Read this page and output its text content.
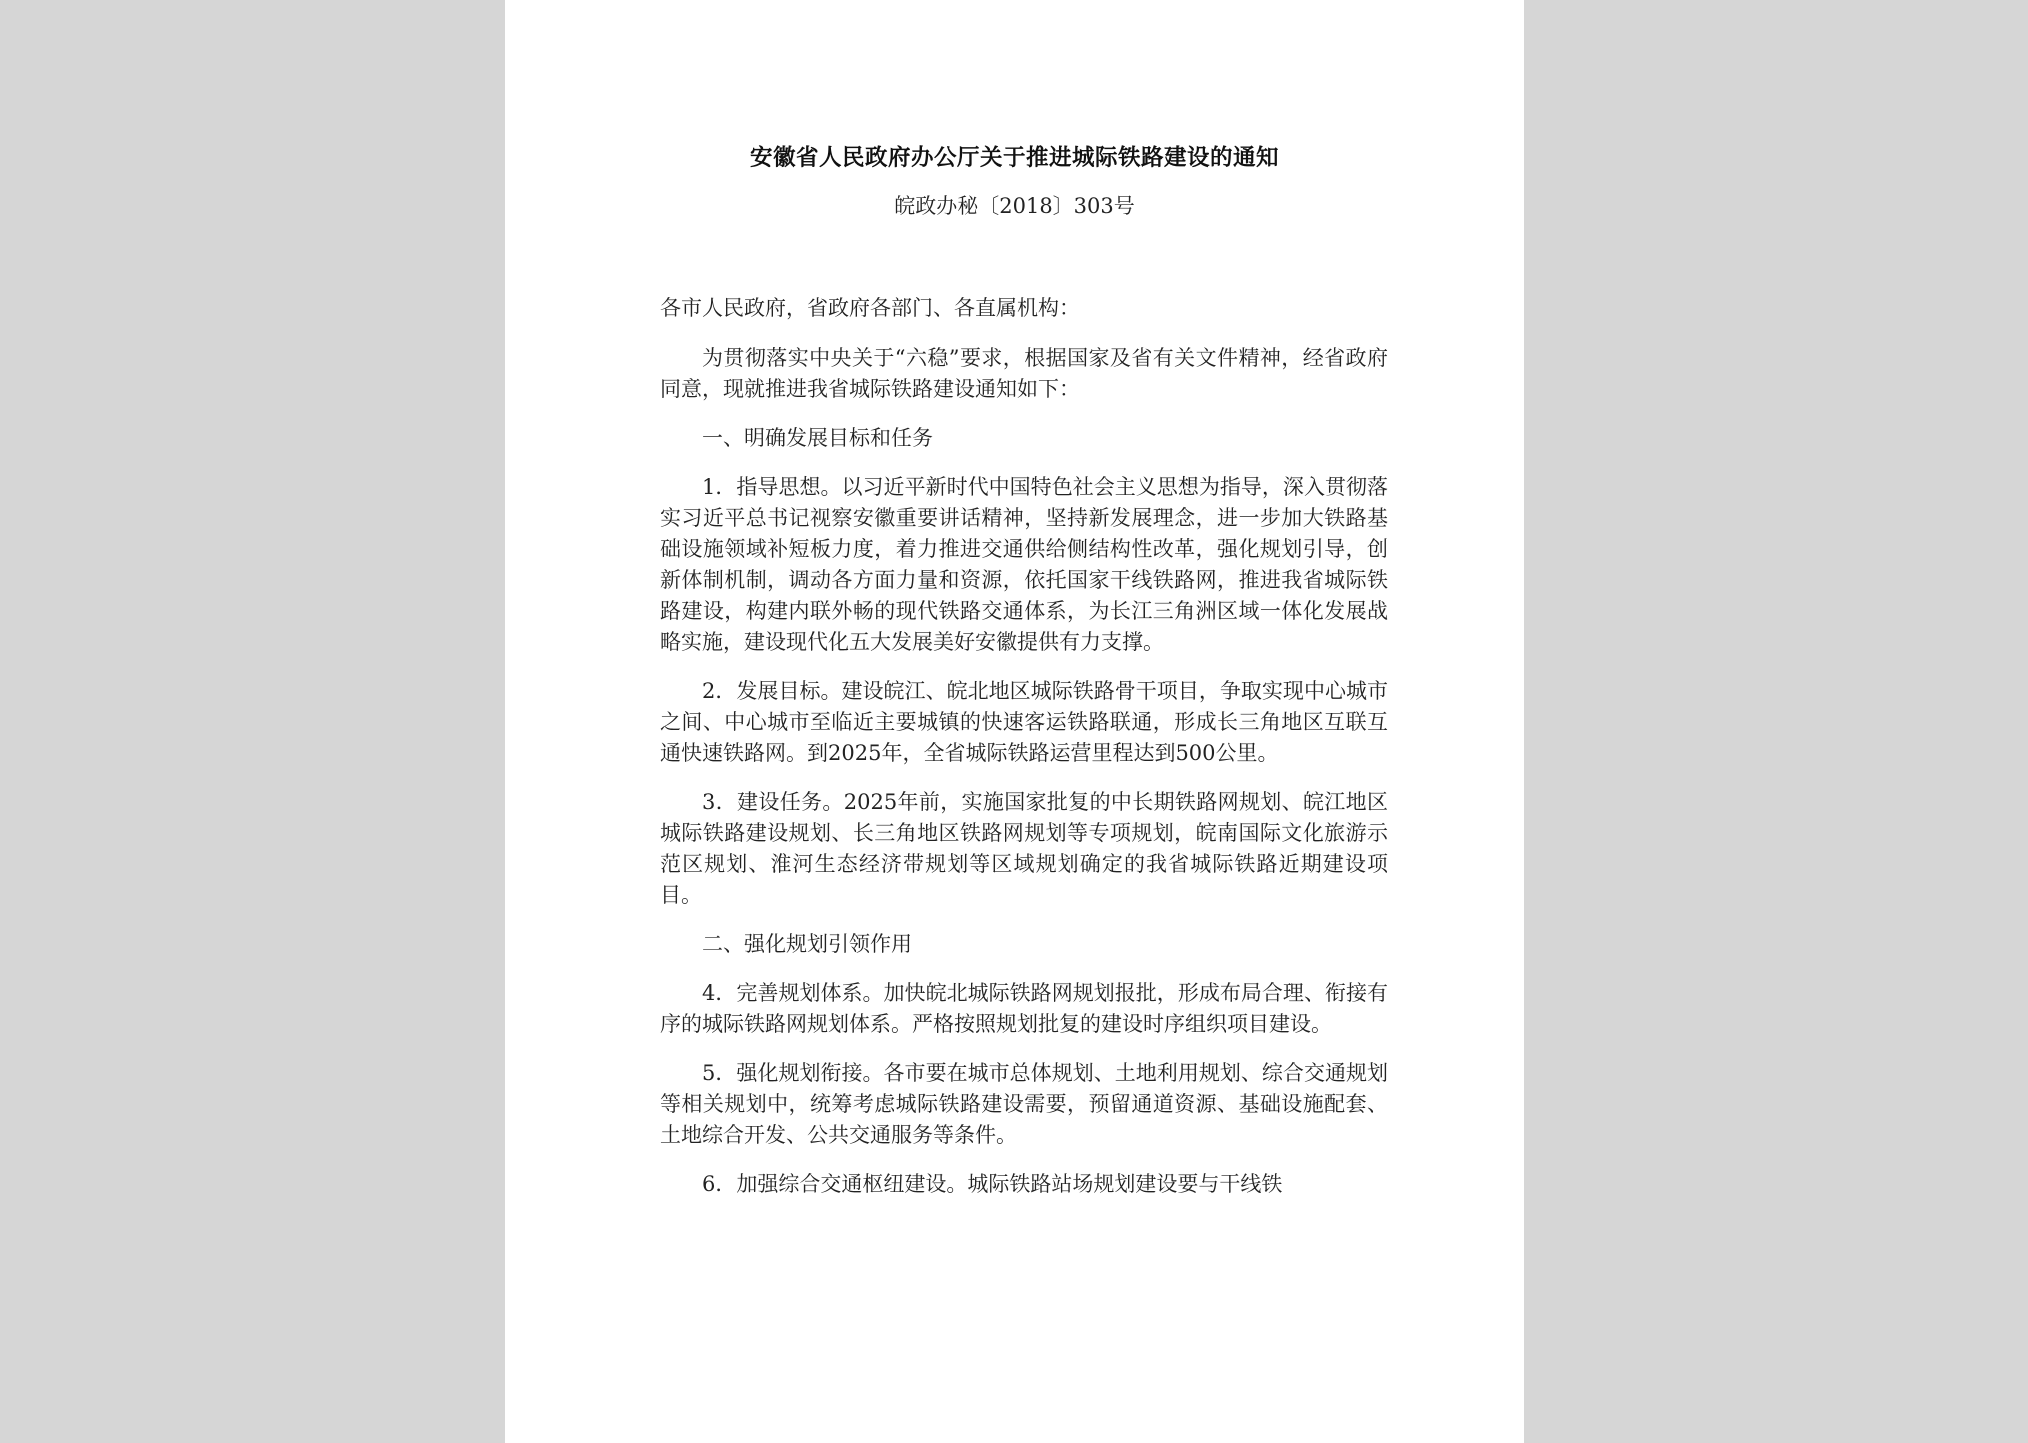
安徽省人民政府办公厅关于推进城际铁路建设的通知
皖政办秘〔2018〕303号

各市人民政府，省政府各部门、各直属机构：

为贯彻落实中央关于“六稳”要求，根据国家及省有关文件精神，经省政府同意，现就推进我省城际铁路建设通知如下：

一、明确发展目标和任务

1．指导思想。以习近平新时代中国特色社会主义思想为指导，深入贯彻落实习近平总书记视察安徽重要讲话精神，坚持新发展理念，进一步加大铁路基础设施领域补短板力度，着力推进交通供给侧结构性改革，强化规划引导，创新体制机制，调动各方面力量和资源，依托国家干线铁路网，推进我省城际铁路建设，构建内联外畅的现代铁路交通体系，为长江三角洲区域一体化发展战略实施，建设现代化五大发展美好安徽提供有力支撑。

2．发展目标。建设皖江、皖北地区城际铁路骨干项目，争取实现中心城市之间、中心城市至临近主要城镇的快速客运铁路联通，形成长三角地区互联互通快速铁路网。到2025年，全省城际铁路运营里程达到500公里。

3．建设任务。2025年前，实施国家批复的中长期铁路网规划、皖江地区城际铁路建设规划、长三角地区铁路网规划等专项规划，皖南国际文化旅游示范区规划、淮河生态经济带规划等区域规划确定的我省城际铁路近期建设项目。

二、强化规划引领作用

4．完善规划体系。加快皖北城际铁路网规划报批，形成布局合理、衔接有序的城际铁路网规划体系。严格按照规划批复的建设时序组织项目建设。

5．强化规划衔接。各市要在城市总体规划、土地利用规划、综合交通规划等相关规划中，统筹考虑城际铁路建设需要，预留通道资源、基础设施配套、土地综合开发、公共交通服务等条件。

6．加强综合交通枢纽建设。城际铁路站场规划建设要与干线铁
